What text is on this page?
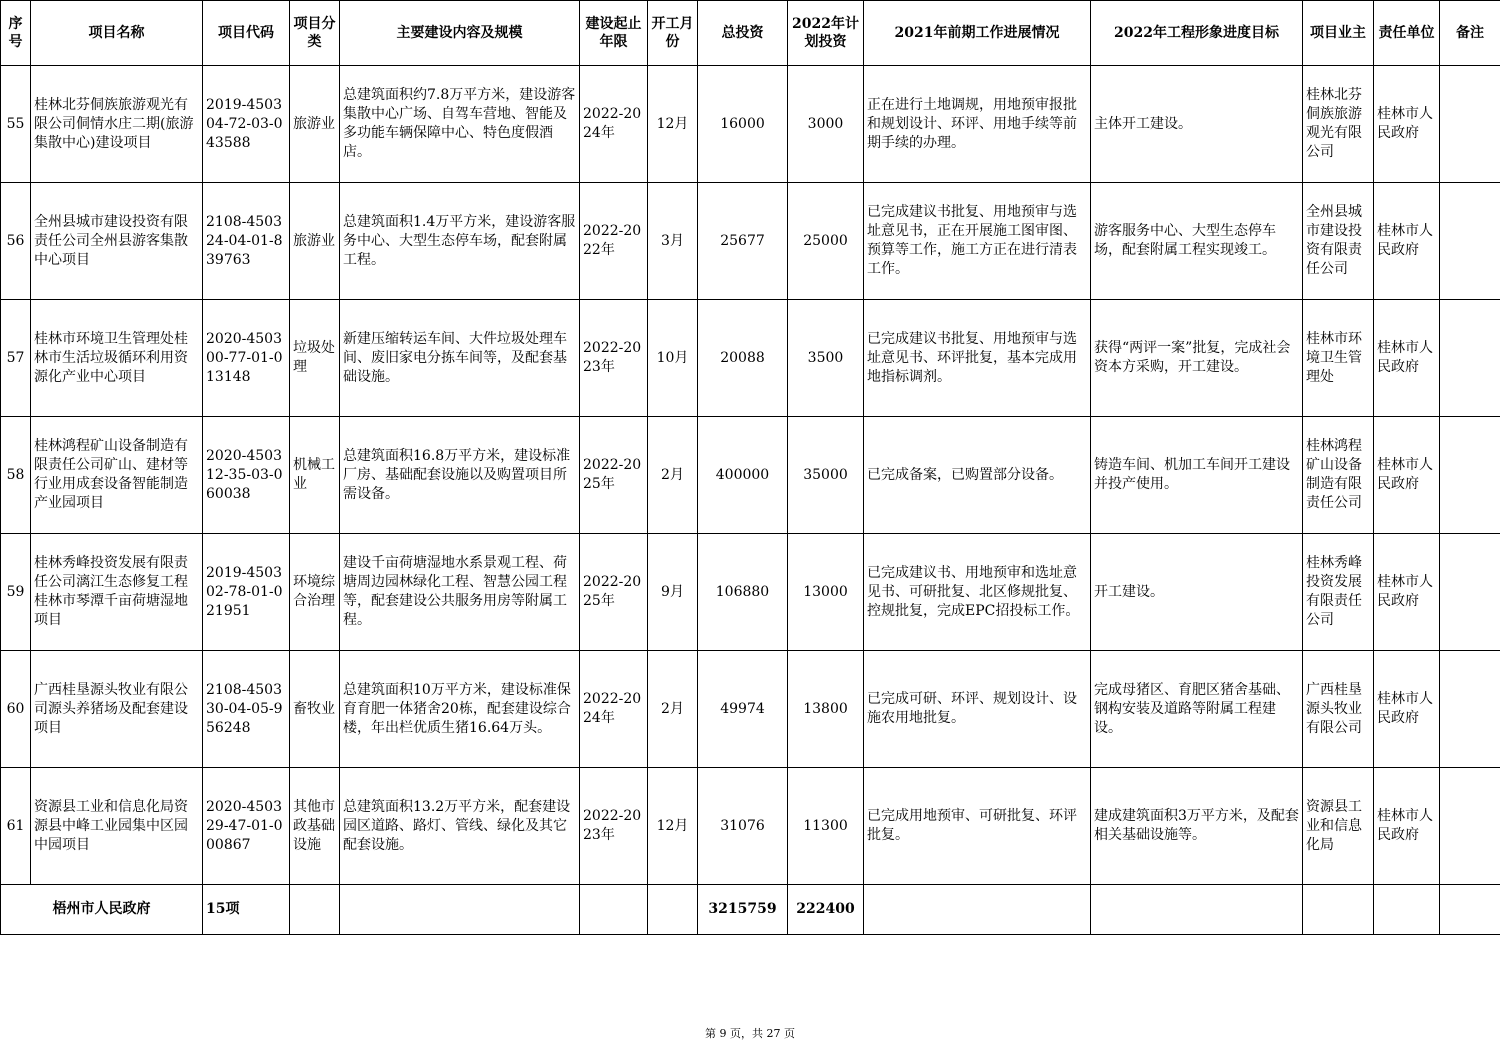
序号	项目名称	项目代码	项目分类	主要建设内容及规模	建设起止年限	开工月份	总投资	2022年计划投资	2021年前期工作进展情况	2022年工程形象进度目标	项目业主	责任单位	备注
55	桂林北芬侗族旅游观光有限公司侗情水庄二期(旅游集散中心)建设项目	2019-450304-72-03-043588	旅游业	总建筑面积约7.8万平方米，建设游客集散中心广场、自驾车营地、智能及多功能车辆保障中心、特色度假酒店。	2022-2024年	12月	16000	3000	正在进行土地调规，用地预审报批和规划设计、环评、用地手续等前期手续的办理。	主体开工建设。	桂林北芬侗族旅游观光有限公司	桂林市人民政府	
56	全州县城市建设投资有限责任公司全州县游客集散中心项目	2108-450324-04-01-839763	旅游业	总建筑面积1.4万平方米，建设游客服务中心、大型生态停车场，配套附属工程。	2022-2022年	3月	25677	25000	已完成建议书批复、用地预审与选址意见书，正在开展施工图审图、预算等工作，施工方正在进行清表工作。	游客服务中心、大型生态停车场，配套附属工程实现竣工。	全州县城市建设投资有限责任公司	桂林市人民政府	
57	桂林市环境卫生管理处桂林市生活垃圾循环利用资源化产业中心项目	2020-450300-77-01-013148	垃圾处理	新建压缩转运车间、大件垃圾处理车间、废旧家电分拣车间等，及配套基础设施。	2022-2023年	10月	20088	3500	已完成建议书批复、用地预审与选址意见书、环评批复，基本完成用地指标调剂。	获得“两评一案”批复，完成社会资本方采购，开工建设。	桂林市环境卫生管理处	桂林市人民政府	
58	桂林鸿程矿山设备制造有限责任公司矿山、建材等行业用成套设备智能制造产业园项目	2020-450312-35-03-060038	机械工业	总建筑面积16.8万平方米，建设标准厂房、基础配套设施以及购置项目所需设备。	2022-2025年	2月	400000	35000	已完成备案，已购置部分设备。	铸造车间、机加工车间开工建设并投产使用。	桂林鸿程矿山设备制造有限责任公司	桂林市人民政府	
59	桂林秀峰投资发展有限责任公司漓江生态修复工程桂林市琴潭千亩荷塘湿地项目	2019-450302-78-01-021951	环境综合治理	建设千亩荷塘湿地水系景观工程、荷塘周边园林绿化工程、智慧公园工程等，配套建设公共服务用房等附属工程。	2022-2025年	9月	106880	13000	已完成建议书、用地预审和选址意见书、可研批复、北区修规批复、控规批复，完成EPC招投标工作。	开工建设。	桂林秀峰投资发展有限责任公司	桂林市人民政府	
60	广西桂垦源头牧业有限公司源头养猪场及配套建设项目	2108-450330-04-05-956248	畜牧业	总建筑面积10万平方米，建设标准保育育肥一体猪舍20栋，配套建设综合楼，年出栏优质生猪16.64万头。	2022-2024年	2月	49974	13800	已完成可研、环评、规划设计、设施农用地批复。	完成母猪区、育肥区猪舍基础、钢构安装及道路等附属工程建设。	广西桂垦源头牧业有限公司	桂林市人民政府	
61	资源县工业和信息化局资源县中峰工业园集中区园中园项目	2020-450329-47-01-000867	其他市政基础设施	总建筑面积13.2万平方米，配套建设园区道路、路灯、管线、绿化及其它配套设施。	2022-2023年	12月	31076	11300	已完成用地预审、可研批复、环评批复。	建成建筑面积3万平方米，及配套相关基础设施等。	资源县工业和信息化局	桂林市人民政府	
梧州市人民政府		15项					3215759	222400					
第 9 页，共 27 页
